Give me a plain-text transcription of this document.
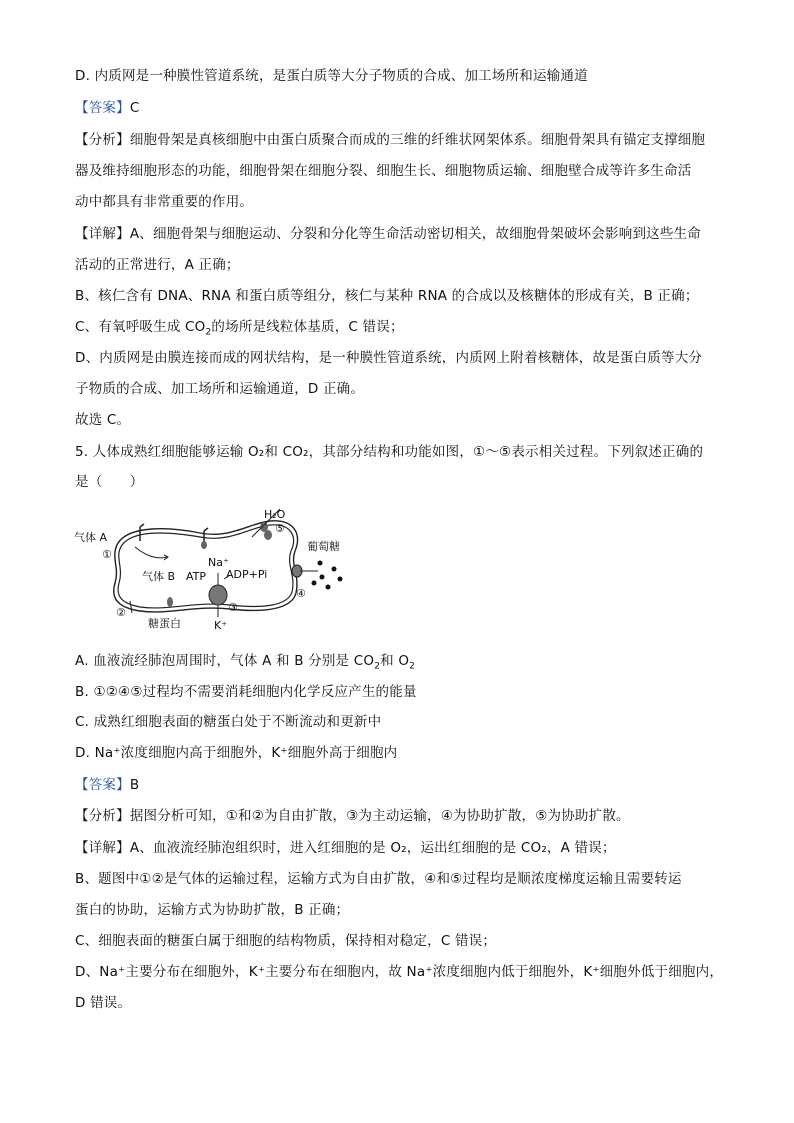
D. 内质网是一种膜性管道系统，是蛋白质等大分子物质的合成、加工场所和运输通道
【答案】C
【分析】细胞骨架是真核细胞中由蛋白质聚合而成的三维的纤维状网架体系。细胞骨架具有锚定支撑细胞
器及维持细胞形态的功能，细胞骨架在细胞分裂、细胞生长、细胞物质运输、细胞壁合成等许多生命活
动中都具有非常重要的作用。
【详解】A、细胞骨架与细胞运动、分裂和分化等生命活动密切相关，故细胞骨架破坏会影响到这些生命
活动的正常进行，A 正确；
B、核仁含有 DNA、RNA 和蛋白质等组分，核仁与某种 RNA 的合成以及核糖体的形成有关，B 正确；
C、有氧呼吸生成 $CO_2$的场所是线粒体基质，C 错误；
D、内质网是由膜连接而成的网状结构，是一种膜性管道系统，内质网上附着核糖体，故是蛋白质等大分
子物质的合成、加工场所和运输通道，D 正确。
故选 C。
5. 人体成熟红细胞能够运输 O₂和 CO₂，其部分结构和功能如图，①～⑤表示相关过程。下列叙述正确的
是（　　）
气体 A
①
气体 B
②
糖蛋白
Na⁺
ATP ADP+Pi
③
K⁺
H₂O
⑤
葡萄糖
④
A. 血液流经肺泡周围时，气体 A 和 B 分别是 $CO_2$和 $O_2$
B. ①②④⑤过程均不需要消耗细胞内化学反应产生的能量
C. 成熟红细胞表面的糖蛋白处于不断流动和更新中
D. Na⁺浓度细胞内高于细胞外，K⁺细胞外高于细胞内
【答案】B
【分析】据图分析可知，①和②为自由扩散，③为主动运输，④为协助扩散，⑤为协助扩散。
【详解】A、血液流经肺泡组织时，进入红细胞的是 O₂，运出红细胞的是 CO₂，A 错误；
B、题图中①②是气体的运输过程，运输方式为自由扩散，④和⑤过程均是顺浓度梯度运输且需要转运
蛋白的协助，运输方式为协助扩散，B 正确；
C、细胞表面的糖蛋白属于细胞的结构物质，保持相对稳定，C 错误；
D、Na⁺主要分布在细胞外，K⁺主要分布在细胞内，故 Na⁺浓度细胞内低于细胞外，K⁺细胞外低于细胞内，
D 错误。
